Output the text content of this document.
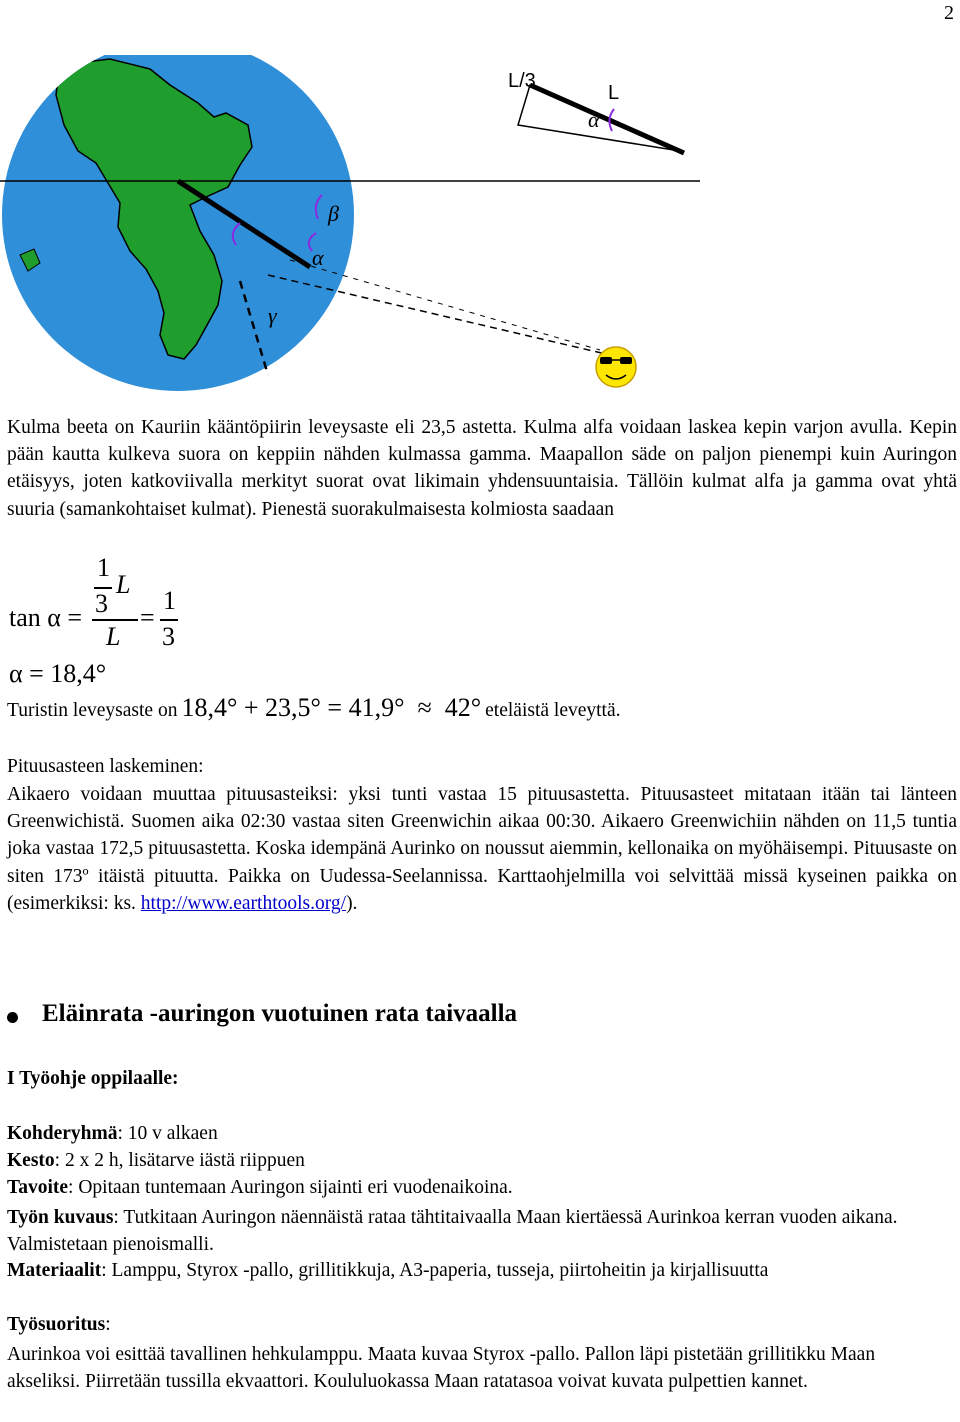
2
L/3
L
α
β
α
γ
Kulma beeta on Kauriin kääntöpiirin leveysaste eli 23,5 astetta. Kulma alfa voidaan laskea kepin varjon avulla. Kepin pään kautta kulkeva suora on keppiin nähden kulmassa gamma. Maapallon säde on paljon pienempi kuin Auringon etäisyys, joten katkoviivalla merkityt suorat ovat likimain yhdensuuntaisia. Tällöin kulmat alfa ja gamma ovat yhtä suuria (samankohtaiset kulmat). Pienestä suorakulmaisesta kolmiosta saadaan
tan α =
1
3
L
L
=
1
3
α = 18,4°
Turistin leveysaste on 18,4° + 23,5° = 41,9°  ≈  42° eteläistä leveyttä.
Pituusasteen laskeminen:
Aikaero voidaan muuttaa pituusasteiksi: yksi tunti vastaa 15 pituusastetta. Pituusasteet mitataan itään tai länteen Greenwichistä. Suomen aika 02:30 vastaa siten Greenwichin aikaa 00:30. Aikaero Greenwichiin nähden on 11,5 tuntia joka vastaa 172,5 pituusastetta. Koska idempänä Aurinko on noussut aiemmin, kellonaika on myöhäisempi. Pituusaste on siten 173º itäistä pituutta. Paikka on Uudessa-Seelannissa. Karttaohjelmilla voi selvittää missä kyseinen paikka on (esimerkiksi: ks. http://www.earthtools.org/).
Eläinrata -auringon vuotuinen rata taivaalla
I Työohje oppilaalle:
Kohderyhmä: 10 v alkaen
Kesto: 2 x 2 h, lisätarve iästä riippuen
Tavoite: Opitaan tuntemaan Auringon sijainti eri vuodenaikoina.
Työn kuvaus: Tutkitaan Auringon näennäistä rataa tähtitaivaalla Maan kiertäessä Aurinkoa kerran vuoden aikana. Valmistetaan pienoismalli.
Materiaalit: Lamppu, Styrox -pallo, grillitikkuja, A3-paperia, tusseja, piirtoheitin ja kirjallisuutta
Työsuoritus:
Aurinkoa voi esittää tavallinen hehkulamppu. Maata kuvaa Styrox -pallo. Pallon läpi pistetään grillitikku Maan akseliksi. Piirretään tussilla ekvaattori. Koululuokassa Maan ratatasoa voivat kuvata pulpettien kannet.
